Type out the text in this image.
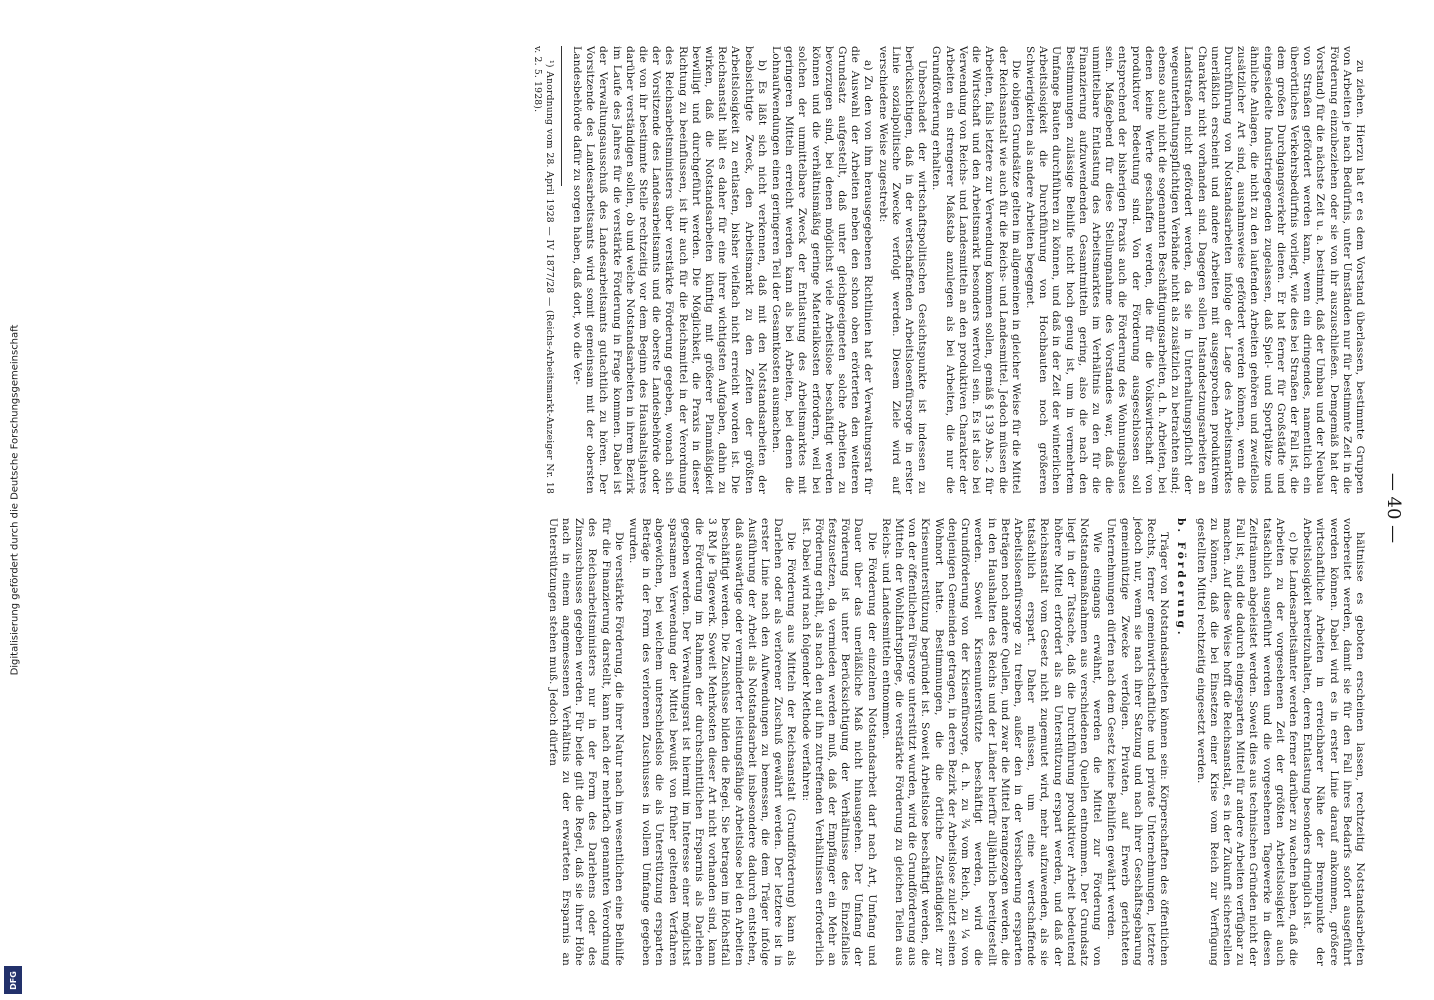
Digitalisierung gefördert durch die Deutsche Forschungsgemeinschaft
DFG
— 40 —

zu ziehen. Hierzu hat er es dem Vorstand überlassen, bestimmte Gruppen von Arbeiten je nach Bedürfnis, unter Umständen nur für bestimmte Zeit in die Förderung einzubeziehen oder sie von ihr auszuschließen. Demgemäß hat der Vorstand) für die nächste Zeit u. a. bestimmt, daß der Umbau und der Neubau von Straßen gefördert werden kann, wenn ein dringendes, namentlich ein überörtliches Verkehrsbedürfnis vorliegt, wie dies bei Straßen der Fall ist, die dem großen Durchgangsverkehr dienen. Er hat ferner für Großstädte und eingesiedelte Industriegegenden zugelassen, daß Spiel- und Sportplätze und ähnliche Anlagen, die nicht zu den laufenden Arbeiten gehören und zweifellos zusätzlicher Art sind, ausnahmsweise gefördert werden können, wenn die Durchführung von Notstandsarbeiten infolge der Lage des Arbeitsmarktes unerläßlich erscheint und andere Arbeiten mit ausgesprochen produktivem Charakter nicht vorhanden sind. Dagegen sollen Instandsetzungsarbeiten an Landstraßen nicht gefördert werden, da sie in Unterhaltungspflicht der wegeunterhaltungspflichtigen Verbände nicht als zusätzlich zu betrachten sind; ebenso auch) nicht die sogenannten Beschäftigungsarbeiten, d. h. Arbeiten, bei denen keine Werte geschaffen werden, die für die Volkswirtschaft von produktiver Bedeutung sind. Von der Förderung ausgeschlossen soll entsprechend der bisherigen Praxis auch die Förderung des Wohnungsbaues sein. Maßgebend für diese Stellungnahme des Vorstandes war, daß die unmittelbare Entlastung des Arbeitsmarktes im Verhältnis zu den für die Finanzierung aufzuwendenden Gesamtmitteln gering, also die nach den Bestimmungen zulässige Beihilfe nicht hoch genug ist, um in vermehrtem Umfange Bauten durchführen zu können, und daß in der Zeit der winterlichen Arbeitslosigkeit die Durchführung von Hochbauten noch größeren Schwierigkeiten als andere Arbeiten begegnet.

Die obigen Grundsätze gelten im allgemeinen in gleicher Weise für die Mittel der Reichsanstalt wie auch für die Reichs- und Landesmittel. Jedoch müssen die Arbeiten, falls letztere zur Verwendung kommen sollen, gemäß § 139 Abs. 2 für die Wirtschaft und den Arbeitsmarkt besonders wertvoll sein. Es ist also bei Verwendung von Reichs- und Landesmitteln an den produktiven Charakter der Arbeiten ein strengerer Maßstab anzulegen als bei Arbeiten, die nur die Grundförderung erhalten.

Unbeschadet der wirtschaftspolitischen Gesichtspunkte ist indessen zu berücksichtigen, daß in der wertschaffenden Arbeitslosenfürsorge in erster Linie sozialpolitische Zwecke verfolgt werden. Diesem Ziele wird auf verschiedene Weise zugestrebt:

a) Zu den von ihm herausgegebenen Richtlinien hat der Verwaltungsrat für die Auswahl der Arbeiten neben den schon oben erörterten den weiteren Grundsatz aufgestellt, daß unter gleichgeeigneten solche Arbeiten zu bevorzugen sind, bei denen möglichst viele Arbeitslose beschäftigt werden können und die verhältnismäßig geringe Materialkosten erfordern, weil bei solchen der unmittelbare Zweck der Entlastung des Arbeitsmarktes mit geringeren Mitteln erreicht werden kann als bei Arbeiten, bei denen die Lohnaufwendungen einen geringeren Teil der Gesamtkosten ausmachen.

b) Es läßt sich nicht verkennen, daß mit den Notstandsarbeiten der beabsichtigte Zweck, den Arbeitsmarkt zu den Zeiten der größten Arbeitslosigkeit zu entlasten, bisher vielfach nicht erreicht worden ist. Die Reichsanstalt hält es daher für eine ihrer wichtigsten Aufgaben, dahin zu wirken, daß die Notstandsarbeiten künftig mit größerer Planmäßigkeit bewilligt und durchgeführt werden. Die Möglichkeit, die Praxis in dieser Richtung zu beeinflussen, ist ihr auch für die Reichsmittel in der Verordnung des Reichsarbeitsministers über verstärkte Förderung gegeben, wonach sich der Vorsitzende des Landesarbeitsamts und die oberste Landesbehörde oder die von ihr bestimmte Stelle rechtzeitig vor dem Beginn des Haushaltsjahres darüber verständigen sollen, ob und welche Notstandsarbeiten in ihrem Bezirk im Laufe des Jahres für die verstärkte Förderung in Frage kommen. Dabei ist der Verwaltungsausschuß des Landesarbeitsamts gutachtlich zu hören. Der Vorsitzende des Landesarbeitsamts wird somit gemeinsam mit der obersten Landesbehörde dafür zu sorgen haben, daß dort, wo die Ver-

¹) Anordnung vom 28. April 1928 — IV 1877/28 — (Reichs-Arbeitsmarkt-Anzeiger Nr. 18 v. 2. 5. 1928).

hältnisse es geboten erscheinen lassen, rechtzeitig Notstandsarbeiten vorbereitet werden, damit sie für den Fall ihres Bedarfs sofort ausgeführt werden können. Dabei wird es in erster Linie darauf ankommen, größere wirtschaftliche Arbeiten in erreichbarer Nähe der Brennpunkte der Arbeitslosigkeit bereitzuhalten, deren Entlastung besonders dringlich ist.

c) Die Landesarbeitsämter werden ferner darüber zu wachen haben, daß die Arbeiten zu der vorgesehenen Zeit der größten Arbeitslosigkeit auch tatsächlich ausgeführt werden und die vorgesehenen Tagewerke in diesen Zeiträumen abgeleistet werden. Soweit dies aus technischen Gründen nicht der Fall ist, sind die dadurch eingesparten Mittel für andere Arbeiten verfügbar zu machen. Auf diese Weise hofft die Reichsanstalt, es in der Zukunft sicherstellen zu können, daß die bei Einsetzen einer Krise vom Reich zur Verfügung gestellten Mittel rechtzeitig eingesetzt werden.

b. Förderung.

Träger von Notstandsarbeiten können sein: Körperschaften des öffentlichen Rechts, ferner gemeinwirtschaftliche und private Unternehmungen, letztere jedoch nur, wenn sie nach ihrer Satzung und nach ihrer Geschäftsgebarung gemeinnützige Zwecke verfolgen. Privaten, auf Erwerb gerichteten Unternehmungen dürfen nach dem Gesetz keine Beihilfen gewährt werden.

Wie eingangs erwähnt, werden die Mittel zur Förderung von Notstandsmaßnahmen aus verschiedenen Quellen entnommen. Der Grundsatz liegt in der Tatsache, daß die Durchführung produktiver Arbeit bedeutend höhere Mittel erfordert als an Unterstützung erspart werden, und daß der Reichsanstalt vom Gesetz nicht zugemutet wird, mehr aufzuwenden, als sie tatsächlich erspart. Daher müssen, um eine wertschaffende Arbeitslosenfürsorge zu treiben, außer den in der Versicherung ersparten Beträgen noch andere Quellen, und zwar die Mittel herangezogen werden, die in den Haushalten des Reichs und der Länder hierfür alljährlich bereitgestellt werden. Soweit Krisenunterstützte beschäftigt werden, wird die Grundförderung von der Krisenfürsorge, d. h. zu ¾ vom Reich, zu ¼ von denjenigen Gemeinden getragen, in deren Bezirk der Arbeitslose zuletzt seinen Wohnort hatte. Bestimmungen, die die örtliche Zuständigkeit zur Krisenunterstützung begründet ist. Soweit Arbeitslose beschäftigt werden, die von der öffentlichen Fürsorge unterstützt wurden, wird die Grundförderung aus Mitteln der Wohlfahrtspflege, die verstärkte Förderung zu gleichen Teilen aus Reichs- und Landesmitteln entnommen.

Die Förderung der einzelnen Notstandsarbeit darf nach Art, Umfang und Dauer über das unerläßliche Maß nicht hinausgehen. Der Umfang der Förderung ist unter Berücksichtigung der Verhältnisse des Einzelfalles festzusetzen, da vermieden werden muß, daß der Empfänger ein Mehr an Förderung erhält, als nach den auf ihn zutreffenden Verhältnissen erforderlich ist. Dabei wird nach folgender Methode verfahren:

Die Förderung aus Mitteln der Reichsanstalt (Grundförderung) kann als Darlehen oder als verlorener Zuschuß gewährt werden. Der letztere ist in erster Linie nach den Aufwendungen zu bemessen, die dem Träger infolge Ausführung der Arbeit als Notstandsarbeit insbesondere dadurch entstehen, daß auswärtige oder verminderter leistungsfähige Arbeitslose bei den Arbeiten beschäftigt werden. Die Zuschüsse bilden die Regel. Sie betragen im Höchstfall 3 RM je Tagewerk. Soweit Mehrkosten dieser Art nicht vorhanden sind, kann die Förderung im Rahmen der durchschnittlichen Ersparnis als Darlehen gegeben werden. Der Verwaltungsrat ist hiermit im Interesse einer möglichst sparsamen Verwendung der Mittel bewußt von früher geltenden Verfahren abgewichen, bei welchem unterschiedslos die als Unterstützung ersparten Beträge in der Form des verlorenen Zuschusses in vollem Umfange gegeben wurden.

Die verstärkte Förderung, die ihrer Natur nach im wesentlichen eine Beihilfe für die Finanzierung darstellt, kann nach der mehrfach genannten Verordnung des Reichsarbeitsministers nur in der Form des Darlehens oder des Zinszuschusses gegeben werden. Für beide gilt die Regel, daß sie ihrer Höhe nach in einem angemessenen Verhältnis zu der erwarteten Ersparnis an Unterstützungen stehen muß. Jedoch dürfen
